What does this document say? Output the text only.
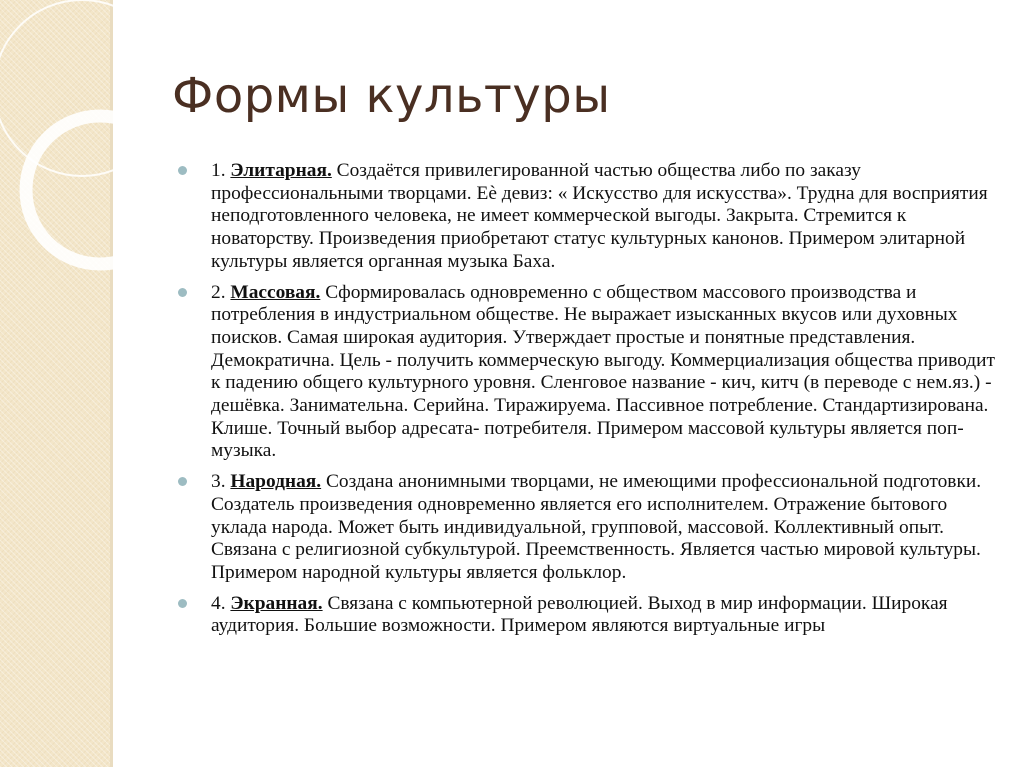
Формы культуры
1. Элитарная. Создаётся привилегированной частью общества либо по заказу профессиональными творцами. Еè девиз: « Искусство для искусства». Трудна для восприятия неподготовленного человека, не имеет коммерческой выгоды. Закрыта. Стремится к новаторству. Произведения приобретают статус культурных канонов. Примером элитарной культуры является органная музыка Баха.
2. Массовая. Сформировалась одновременно с обществом массового производства и потребления в индустриальном обществе. Не выражает изысканных вкусов или духовных поисков. Самая широкая аудитория. Утверждает простые и понятные представления. Демократична. Цель - получить коммерческую выгоду. Коммерциализация общества приводит к падению общего культурного уровня. Сленговое название - кич, китч (в переводе с нем.яз.) - дешёвка. Занимательна. Серийна. Тиражируема. Пассивное потребление. Стандартизирована. Клише. Точный выбор адресата- потребителя. Примером массовой культуры является поп-музыка.
3. Народная. Создана анонимными творцами, не имеющими профессиональной подготовки. Создатель произведения одновременно является его исполнителем. Отражение бытового уклада народа. Может быть индивидуальной, групповой, массовой. Коллективный опыт. Связана с религиозной субкультурой. Преемственность. Является частью мировой культуры. Примером народной культуры является фольклор.
4. Экранная. Связана с компьютерной революцией. Выход в мир информации. Широкая аудитория. Большие возможности. Примером являются виртуальные игры
